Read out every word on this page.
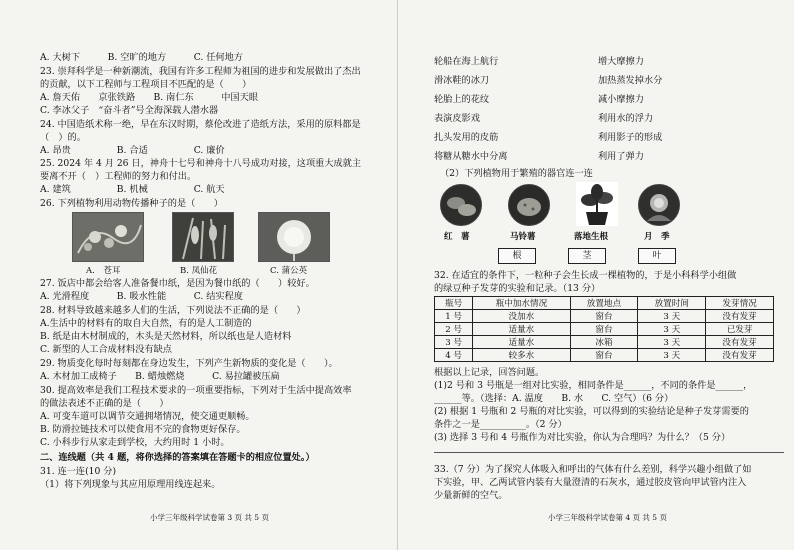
A. 大树下　　　B. 空旷的地方　　　C. 任何地方
23. 崇拜科学是一种新潮流，我国有许多工程师为祖国的进步和发展做出了杰出
的贡献，以下工程师与工程项目不匹配的是（　　）
A. 詹天佑　　京张铁路　　B. 南仁东　　　中国天眼
C. 李冰父子　“奋斗者”号全海深载人潜水器
24. 中国造纸术称一绝，早在东汉时期，蔡伦改进了造纸方法，采用的原料都是
（　）的。
A. 昂贵　　　　　B. 合适　　　　　C. 廉价
25. 2024 年 4 月 26 日，神舟十七号和神舟十八号成功对接，这项重大成就主
要离不开（　）工程师的努力和付出。
A. 建筑　　　　　B. 机械　　　　　C. 航天
26. 下列植物利用动物传播种子的是（　　）
A.　苍耳	B. 凤仙花	C. 蒲公英
27. 饭店中都会给客人准备餐巾纸，是因为餐巾纸的（　　）较好。
A. 光滑程度　　　B. 吸水性能　　　C. 结实程度
28. 材料导致越来越多人们的生活，下列说法不正确的是（　　）
A.生活中的材料有的取自大自然，有的是人工制造的
B. 纸是由木材制成的，木头是天然材料，所以纸也是人造材料
C. 新型的人工合成材料没有缺点
29. 物质变化每时每刻都在身边发生，下列产生新物质的变化是（　　）。
A. 木材加工成椅子　　B. 蜡烛燃烧　　　C. 易拉罐被压扁
30. 提高效率是我们工程技术要求的一项重要指标，下列对于生活中提高效率
的做法表述不正确的是（　　）
A. 可变车道可以调节交通拥堵情况，使交通更顺畅。
B. 防滑拉链技术可以使食用不完的食物更好保存。
C. 小科步行从家走到学校，大约用时 1 小时。
二、连线题（共 4 题，将你选择的答案填在答题卡的相应位置处。）
31. 连一连(10 分)
（1）将下列现象与其应用原理用线连起来。
小学三年级科学试卷第 3 页 共 5 页
轮船在海上航行	增大摩擦力
滑冰鞋的冰刀	加热蒸发掉水分
轮胎上的花纹	减小摩擦力
表演皮影戏	利用水的浮力
扎头发用的皮筋	利用影子的形成
将糖从糖水中分离	利用了弹力
（2）下列植物用于繁殖的器官连一连
红　薯	马铃薯	落地生根	月　季
根	茎	叶
32. 在适宜的条件下，一粒种子会生长成一棵植物的，于是小科科学小组做
的绿豆种子发芽的实验和记录。（13 分）
瓶号	瓶中加水情况	放置地点	放置时间	发芽情况
1 号	没加水	窗台	3 天	没有发芽
2 号	适量水	窗台	3 天	已发芽
3 号	适量水	冰箱	3 天	没有发芽
4 号	较多水	窗台	3 天	没有发芽
根据以上记录，回答问题。
(1)2 号和 3 号瓶是一组对比实验，相同条件是______，不同的条件是______，
______等。（选择：A. 温度　　B. 水　　C. 空气）（6 分）
(2) 根据 1 号瓶和 2 号瓶的对比实验，可以得到的实验结论是种子发芽需要的
条件之一是__________。（2 分）
(3) 选择 3 号和 4 号瓶作为对比实验，你认为合理吗？为什么？（5 分）
33.（7 分）为了探究人体吸入和呼出的气体有什么差别，科学兴趣小组做了如
下实验，甲、乙两试管内装有大量澄清的石灰水，通过胶皮管向甲试管内注入
少量新鲜的空气。
小学三年级科学试卷第 4 页 共 5 页
